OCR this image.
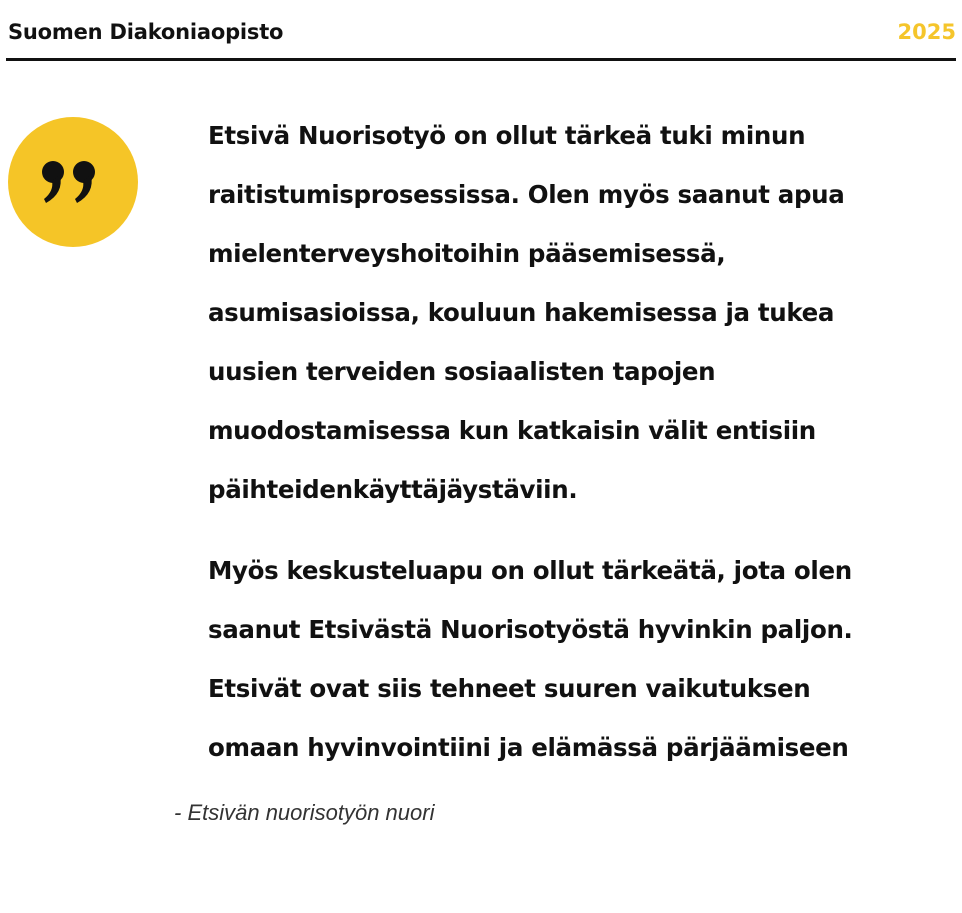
Suomen Diakoniaopisto	2025
Etsivä Nuorisotyö on ollut tärkeä tuki minun
raitistumisprosessissa. Olen myös saanut apua
mielenterveyshoitoihin pääsemisessä,
asumisasioissa, kouluun hakemisessa ja tukea
uusien terveiden sosiaalisten tapojen
muodostamisessa kun katkaisin välit entisiin
päihteidenkäyttäjäystäviin.
Myös keskusteluapu on ollut tärkeätä, jota olen
saanut Etsivästä Nuorisotyöstä hyvinkin paljon.
Etsivät ovat siis tehneet suuren vaikutuksen
omaan hyvinvointiini ja elämässä pärjäämiseen
- Etsivän nuorisotyön nuori
